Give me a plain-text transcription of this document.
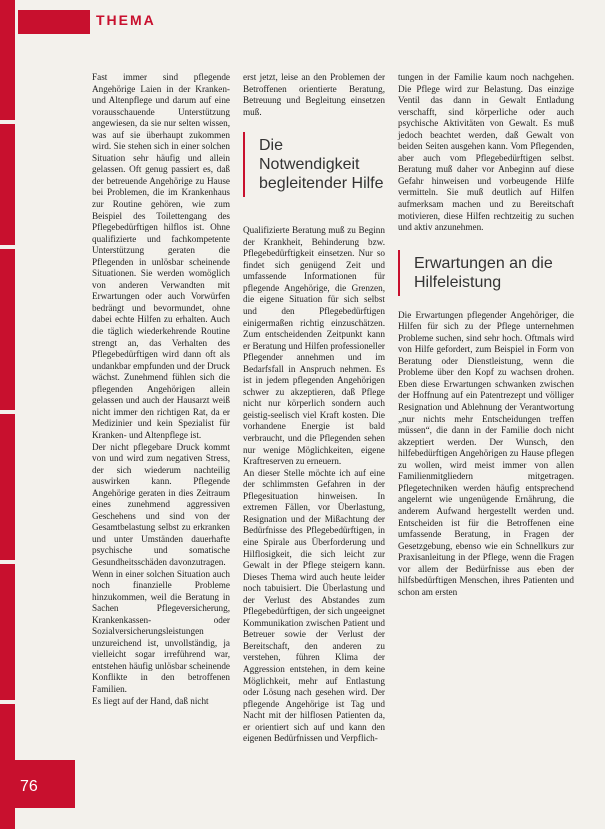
THEMA

Fast immer sind pflegende Angehörige Laien in der Kranken- und Altenpflege und darum auf eine vorausschauende Unterstützung angewiesen, da sie nur selten wissen, was auf sie überhaupt zukommen wird. Sie stehen sich in einer solchen Situation sehr häufig und allein gelassen. Oft genug passiert es, daß der betreuende Angehörige zu Hause bei Problemen, die im Krankenhaus zur Routine gehören, wie zum Beispiel des Toilettengang des Pflegebedürftigen hilflos ist. Ohne qualifizierte und fachkompetente Unterstützung geraten die Pflegenden in unlösbar scheinende Situationen. Sie werden womöglich von anderen Verwandten mit Erwartungen oder auch Vorwürfen bedrängt und bevormundet, ohne dabei echte Hilfen zu erhalten. Auch die täglich wiederkehrende Routine strengt an, das Verhalten des Pflegebedürftigen wird dann oft als undankbar empfunden und der Druck wächst. Zunehmend fühlen sich die pflegenden Angehörigen allein gelassen und auch der Hausarzt weiß nicht immer den richtigen Rat, da er Medizinier und kein Spezialist für Kranken- und Altenpflege ist.

Der nicht pflegebare Druck kommt von und wird zum negativen Stress, der sich wiederum nachteilig auswirken kann. Pflegende Angehörige geraten in dies Zeitraum eines zunehmend aggressiven Geschehens und sind von der Gesamtbelastung selbst zu erkranken und unter Umständen dauerhafte psychische und somatische Gesundheitsschäden davonzutragen.

Wenn in einer solchen Situation auch noch finanzielle Probleme hinzukommen, weil die Beratung in Sachen Pflegeversicherung, Krankenkassen- oder Sozialversicherungsleistungen unzureichend ist, unvollständig, ja vielleicht sogar irreführend war, entstehen häufig unlösbar scheinende Konflikte in den betroffenen Familien.

Es liegt auf der Hand, daß nicht

erst jetzt, leise an den Problemen der Betroffenen orientierte Beratung, Betreuung und Begleitung einsetzen muß.

Die Notwendigkeit begleitender Hilfe

Qualifizierte Beratung muß zu Beginn der Krankheit, Behinderung bzw. Pflegebedürftigkeit einsetzen. Nur so findet sich genügend Zeit und umfassende Informationen für pflegende Angehörige, die Grenzen, die eigene Situation für sich selbst und den Pflegebedürftigen einigermaßen richtig einzuschätzen. Zum entscheidenden Zeitpunkt kann er Beratung und Hilfen professioneller Pflegender annehmen und im Bedarfsfall in Anspruch nehmen. Es ist in jedem pflegenden Angehörigen schwer zu akzeptieren, daß Pflege nicht nur körperlich sondern auch geistig-seelisch viel Kraft kosten. Die vorhandene Energie ist bald verbraucht, und die Pflegenden sehen nur wenige Möglichkeiten, eigene Kraftreserven zu erneuern.

An dieser Stelle möchte ich auf eine der schlimmsten Gefahren in der Pflegesituation hinweisen. In extremen Fällen, vor Überlastung, Resignation und der Mißachtung der Bedürfnisse des Pflegebedürftigen, in eine Spirale aus Überforderung und Hilflosigkeit, die sich leicht zur Gewalt in der Pflege steigern kann. Dieses Thema wird auch heute leider noch tabuisiert. Die Überlastung und der Verlust des Abstandes zum Pflegebedürftigen, der sich ungeeignet Kommunikation zwischen Patient und Betreuer sowie der Verlust der Bereitschaft, den anderen zu verstehen, führen Klima der Aggression entstehen, in dem keine Möglichkeit, mehr auf Entlastung oder Lösung nach gesehen wird. Der pflegende Angehörige ist Tag und Nacht mit der hilflosen Patienten da, er orientiert sich auf und kann den eigenen Bedürfnissen und Verpflich-

tungen in der Familie kaum noch nachgehen. Die Pflege wird zur Belastung. Das einzige Ventil das dann in Gewalt Entladung verschafft, sind körperliche oder auch psychische Aktivitäten von Gewalt. Es muß jedoch beachtet werden, daß Gewalt von beiden Seiten ausgehen kann. Vom Pflegenden, aber auch vom Pflegebedürftigen selbst. Beratung muß daher vor Anbeginn auf diese Gefahr hinweisen und vorbeugende Hilfe vermitteln. Sie muß deutlich auf Hilfen aufmerksam machen und zu Bereitschaft motivieren, diese Hilfen rechtzeitig zu suchen und aktiv anzunehmen.

Erwartungen an die Hilfeleistung

Die Erwartungen pflegender Angehöriger, die Hilfen für sich zu der Pflege unternehmen Probleme suchen, sind sehr hoch. Oftmals wird von Hilfe gefordert, zum Beispiel in Form von Beratung oder Dienstleistung, wenn die Probleme über den Kopf zu wachsen drohen. Eben diese Erwartungen schwanken zwischen der Hoffnung auf ein Patentrezept und völliger Resignation und Ablehnung der Verantwortung „nur nichts mehr Entscheidungen treffen müssen“, die dann in der Familie doch nicht akzeptiert werden. Der Wunsch, den hilfebedürftigen Angehörigen zu Hause pflegen zu wollen, wird meist immer von allen Familienmitgliedern mitgetragen. Pflegetechniken werden häufig entsprechend angelernt wie ungenügende Ernährung, die anderem Aufwand hergestellt werden und. Entscheiden ist für die Betroffenen eine umfassende Beratung, in Fragen der Gesetzgebung, ebenso wie ein Schnellkurs zur Praxisanleitung in der Pflege, wenn die Fragen vor allem der Bedürfnisse aus eben der hilfsbedürftigen Menschen, ihres Patienten und schon am ersten

76
